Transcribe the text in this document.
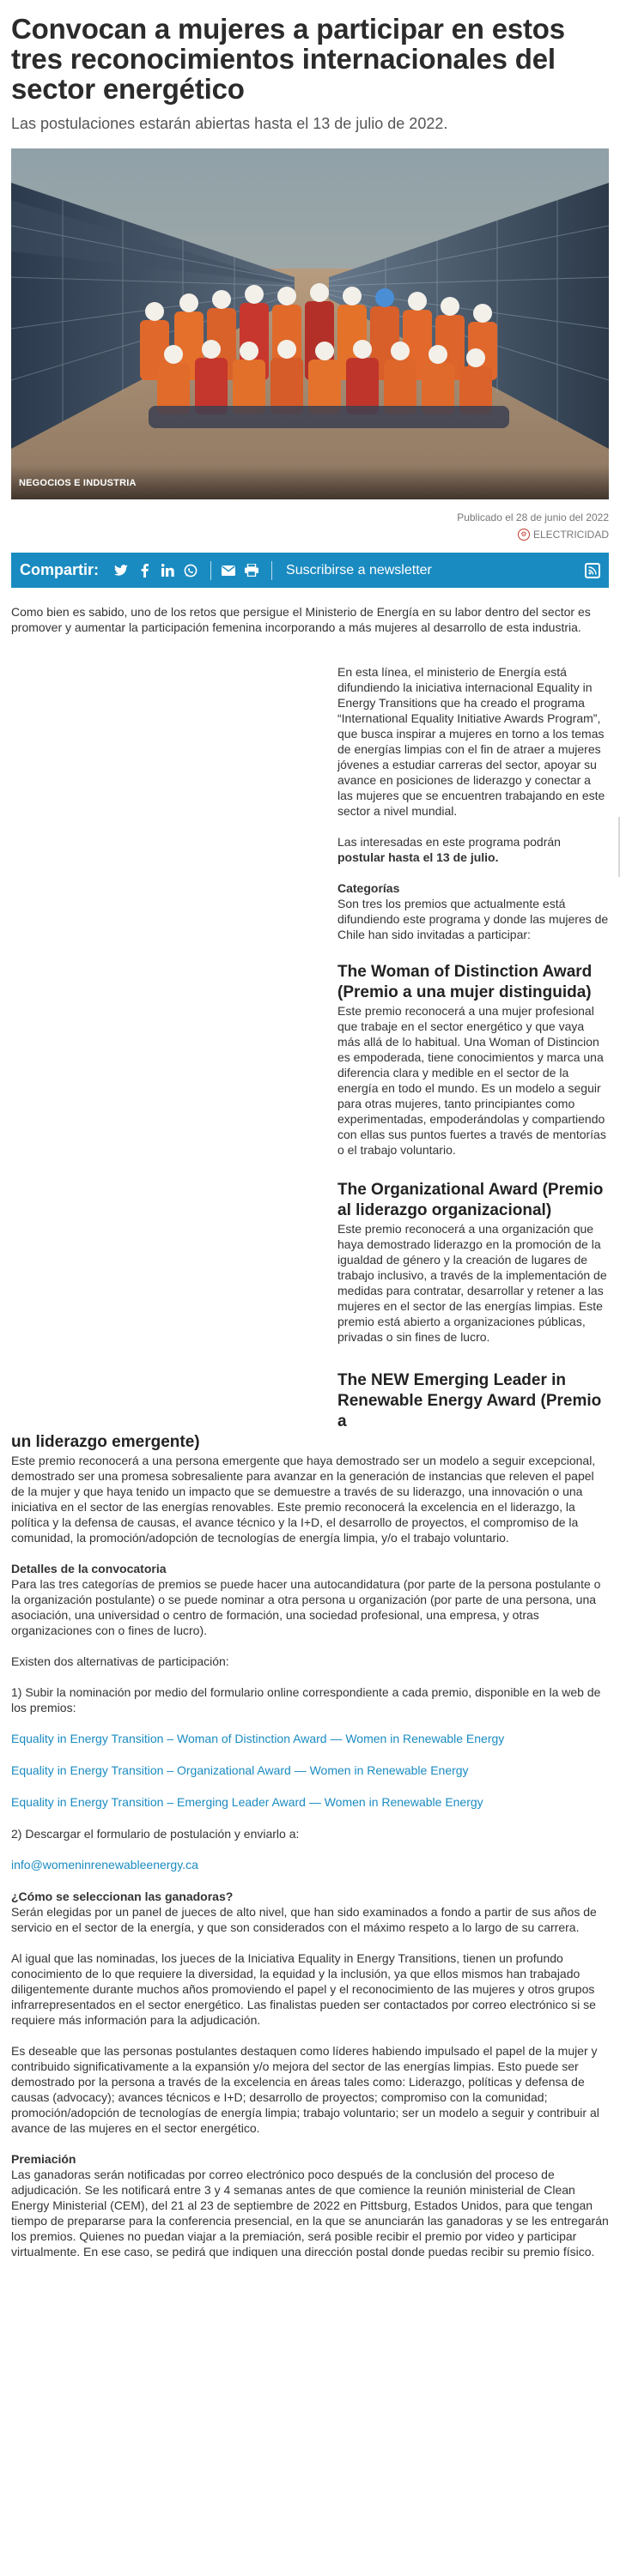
Convocan a mujeres a participar en estos tres reconocimientos internacionales del sector energético
Las postulaciones estarán abiertas hasta el 13 de julio de 2022.
NEGOCIOS E INDUSTRIA
Publicado el 28 de junio del 2022
⚙ ELECTRICIDAD
Compartir:	Suscribirse a newsletter

Como bien es sabido, uno de los retos que persigue el Ministerio de Energía en su labor dentro del sector es promover y aumentar la participación femenina incorporando a más mujeres al desarrollo de esta industria.

En esta línea, el ministerio de Energía está difundiendo la iniciativa internacional Equality in Energy Transitions que ha creado el programa “International Equality Initiative Awards Program”, que busca inspirar a mujeres en torno a los temas de energías limpias con el fin de atraer a mujeres jóvenes a estudiar carreras del sector, apoyar su avance en posiciones de liderazgo y conectar a las mujeres que se encuentren trabajando en este sector a nivel mundial.

Las interesadas en este programa podrán postular hasta el 13 de julio.

Categorías

Son tres los premios que actualmente está difundiendo este programa y donde las mujeres de Chile han sido invitadas a participar:

The Woman of Distinction Award (Premio a una mujer distinguida)

Este premio reconocerá a una mujer profesional que trabaje en el sector energético y que vaya más allá de lo habitual. Una Woman of Distincion es empoderada, tiene conocimientos y marca una diferencia clara y medible en el sector de la energía en todo el mundo. Es un modelo a seguir para otras mujeres, tanto principiantes como experimentadas, empoderándolas y compartiendo con ellas sus puntos fuertes a través de mentorías o el trabajo voluntario.

The Organizational Award (Premio al liderazgo organizacional)

Este premio reconocerá a una organización que haya demostrado liderazgo en la promoción de la igualdad de género y la creación de lugares de trabajo inclusivo, a través de la implementación de medidas para contratar, desarrollar y retener a las mujeres en el sector de las energías limpias. Este premio está abierto a organizaciones públicas, privadas o sin fines de lucro.

The NEW Emerging Leader in Renewable Energy Award (Premio a
un liderazgo emergente)

Este premio reconocerá a una persona emergente que haya demostrado ser un modelo a seguir excepcional, demostrado ser una promesa sobresaliente para avanzar en la generación de instancias que releven el papel de la mujer y que haya tenido un impacto que se demuestre a través de su liderazgo, una innovación o una iniciativa en el sector de las energías renovables. Este premio reconocerá la excelencia en el liderazgo, la política y la defensa de causas, el avance técnico y la I+D, el desarrollo de proyectos, el compromiso de la comunidad, la promoción/adopción de tecnologías de energía limpia, y/o el trabajo voluntario.

Detalles de la convocatoria

Para las tres categorías de premios se puede hacer una autocandidatura (por parte de la persona postulante o la organización postulante) o se puede nominar a otra persona u organización (por parte de una persona, una asociación, una universidad o centro de formación, una sociedad profesional, una empresa, y otras organizaciones con o fines de lucro).

Existen dos alternativas de participación:

1) Subir la nominación por medio del formulario online correspondiente a cada premio, disponible en la web de los premios:

Equality in Energy Transition – Woman of Distinction Award — Women in Renewable Energy

Equality in Energy Transition – Organizational Award — Women in Renewable Energy

Equality in Energy Transition – Emerging Leader Award — Women in Renewable Energy

2) Descargar el formulario de postulación y enviarlo a:

info@womeninrenewableenergy.ca

¿Cómo se seleccionan las ganadoras?

Serán elegidas por un panel de jueces de alto nivel, que han sido examinados a fondo a partir de sus años de servicio en el sector de la energía, y que son considerados con el máximo respeto a lo largo de su carrera.

Al igual que las nominadas, los jueces de la Iniciativa Equality in Energy Transitions, tienen un profundo conocimiento de lo que requiere la diversidad, la equidad y la inclusión, ya que ellos mismos han trabajado diligentemente durante muchos años promoviendo el papel y el reconocimiento de las mujeres y otros grupos infrarrepresentados en el sector energético. Las finalistas pueden ser contactados por correo electrónico si se requiere más información para la adjudicación.

Es deseable que las personas postulantes destaquen como líderes habiendo impulsado el papel de la mujer y contribuido significativamente a la expansión y/o mejora del sector de las energías limpias. Esto puede ser demostrado por la persona a través de la excelencia en áreas tales como: Liderazgo, políticas y defensa de causas (advocacy); avances técnicos e I+D; desarrollo de proyectos; compromiso con la comunidad; promoción/adopción de tecnologías de energía limpia; trabajo voluntario; ser un modelo a seguir y contribuir al avance de las mujeres en el sector energético.

Premiación

Las ganadoras serán notificadas por correo electrónico poco después de la conclusión del proceso de adjudicación. Se les notificará entre 3 y 4 semanas antes de que comience la reunión ministerial de Clean Energy Ministerial (CEM), del 21 al 23 de septiembre de 2022 en Pittsburg, Estados Unidos, para que tengan tiempo de prepararse para la conferencia presencial, en la que se anunciarán las ganadoras y se les entregarán los premios. Quienes no puedan viajar a la premiación, será posible recibir el premio por video y participar virtualmente. En ese caso, se pedirá que indiquen una dirección postal donde puedas recibir su premio físico.
